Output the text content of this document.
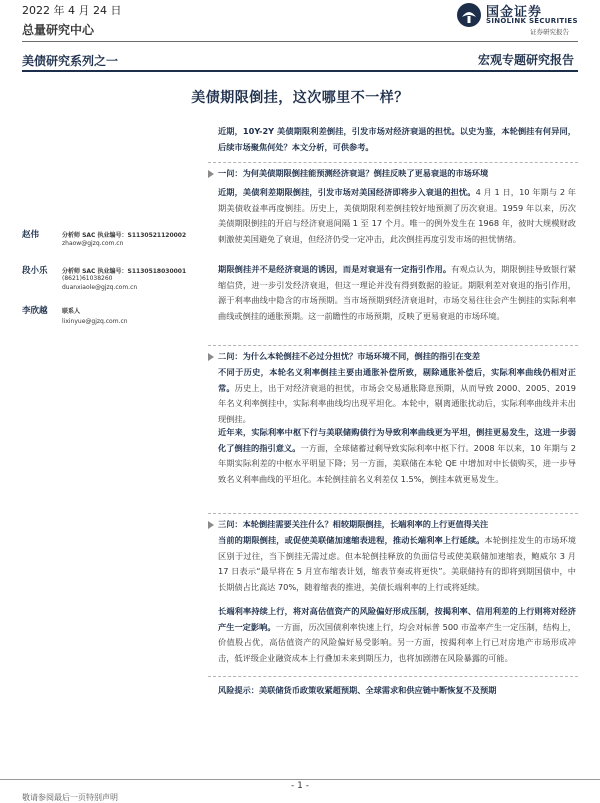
2022 年 4 月 24 日
总量研究中心
美债研究系列之一	宏观专题研究报告
国金证券
SINOLINK SECURITIES
证券研究报告
美债期限倒挂，这次哪里不一样？
近期，10Y-2Y 美债期限利差倒挂，引发市场对经济衰退的担忧。以史为鉴，本轮倒挂有何异同，后续市场聚焦何处？本文分析，可供参考。
一问：为何美债期限倒挂能预测经济衰退？倒挂反映了更易衰退的市场环境
近期，美债利差期限倒挂，引发市场对美国经济即将步入衰退的担忧。4 月 1 日，10 年期与 2 年期美债收益率再度倒挂。历史上，美债期限利差倒挂较好地预测了历次衰退。1959 年以来，历次美债期限倒挂的开启与经济衰退间隔 1 至 17 个月。唯一的例外发生在 1968 年，彼时大规模财政刺激使美国避免了衰退，但经济仍受一定冲击，此次倒挂再度引发市场的担忧情绪。
期限倒挂并不是经济衰退的诱因，而是对衰退有一定指引作用。有观点认为，期限倒挂导致银行紧缩信贷，进一步引发经济衰退，但这一理论并没有得到数据的验证。期限利差对衰退的指引作用，源于利率曲线中隐含的市场预期。当市场预期到经济衰退时，市场交易往往会产生倒挂的实际利率曲线或倒挂的通胀预期。这一前瞻性的市场预期，反映了更易衰退的市场环境。
二问：为什么本轮倒挂不必过分担忧？市场环境不同，倒挂的指引在变差
不同于历史，本轮名义利率倒挂主要由通胀补偿所致，剔除通胀补偿后，实际利率曲线仍相对正常。历史上，出于对经济衰退的担忧，市场会交易通胀降息预期，从而导致 2000、2005、2019 年名义利率倒挂中，实际利率曲线均出现平坦化。本轮中，剔离通胀扰动后，实际利率曲线并未出现倒挂。
近年来，实际利率中枢下行与美联储购债行为导致利率曲线更为平坦，倒挂更易发生，这进一步弱化了倒挂的指引意义。一方面，全球储蓄过剩导致实际利率中枢下行。2008 年以来，10 年期与 2 年期实际利差的中枢水平明显下降；另一方面，美联储在本轮 QE 中增加对中长债购买，进一步导致名义利率曲线的平坦化。本轮倒挂前名义利差仅 1.5%，倒挂本就更易发生。
三问：本轮倒挂需要关注什么？相较期限倒挂，长端利率的上行更值得关注
当前的期限倒挂，或促使美联储加速缩表进程，推动长端利率上行延续。本轮倒挂发生的市场环境区别于过往，当下倒挂无需过虑。但本轮倒挂释放的负面信号或使美联储加速缩表，鲍威尔 3 月 17 日表示“最早将在 5 月宣布缩表计划，缩表节奏或将更快”。美联储持有的即将到期国债中，中长期债占比高达 70%，随着缩表的推进，美债长端利率的上行或将延续。
长端利率持续上行，将对高估值资产的风险偏好形成压制，按揭利率、信用利差的上行则将对经济产生一定影响。一方面，历次国债利率快速上行，均会对标普 500 市盈率产生一定压制，结构上，价值股占优，高估值资产的风险偏好易受影响。另一方面，按揭利率上行已对房地产市场形成冲击，低评级企业融资成本上行叠加未来到期压力，也将加剧潜在风险暴露的可能。
风险提示：美联储货币政策收紧超预期、全球需求和供应链中断恢复不及预期
赵伟	分析师 SAC 执业编号：S1130521120002
zhaow@gjzq.com.cn
段小乐 分析师 SAC 执业编号：S1130518030001
(8621)61038260
duanxiaole@gjzq.com.cn
李欣越 联系人
lixinyue@gjzq.com.cn
- 1 -
敬请参阅最后一页特别声明
